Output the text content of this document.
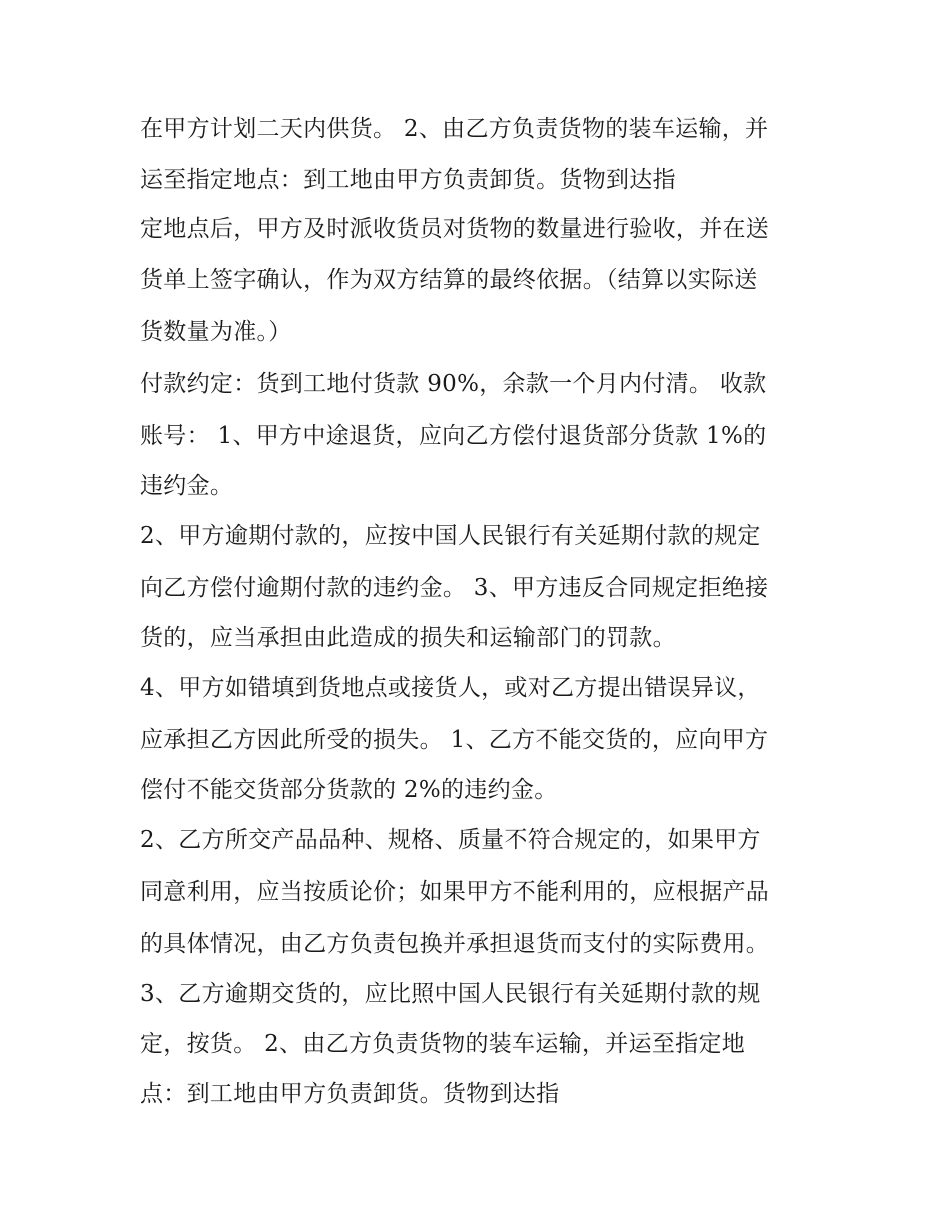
在甲方计划二天内供货。 2、由乙方负责货物的装车运输，并
运至指定地点：到工地由甲方负责卸货。货物到达指
定地点后，甲方及时派收货员对货物的数量进行验收，并在送
货单上签字确认，作为双方结算的最终依据。（结算以实际送
货数量为准。）
付款约定：货到工地付货款 90%，余款一个月内付清。 收款
账号： 1、甲方中途退货，应向乙方偿付退货部分货款 1%的
违约金。
2、甲方逾期付款的，应按中国人民银行有关延期付款的规定
向乙方偿付逾期付款的违约金。 3、甲方违反合同规定拒绝接
货的，应当承担由此造成的损失和运输部门的罚款。
4、甲方如错填到货地点或接货人，或对乙方提出错误异议，
应承担乙方因此所受的损失。 1、乙方不能交货的，应向甲方
偿付不能交货部分货款的 2%的违约金。
2、乙方所交产品品种、规格、质量不符合规定的，如果甲方
同意利用，应当按质论价；如果甲方不能利用的，应根据产品
的具体情况，由乙方负责包换并承担退货而支付的实际费用。
3、乙方逾期交货的，应比照中国人民银行有关延期付款的规
定，按货。 2、由乙方负责货物的装车运输，并运至指定地
点：到工地由甲方负责卸货。货物到达指
